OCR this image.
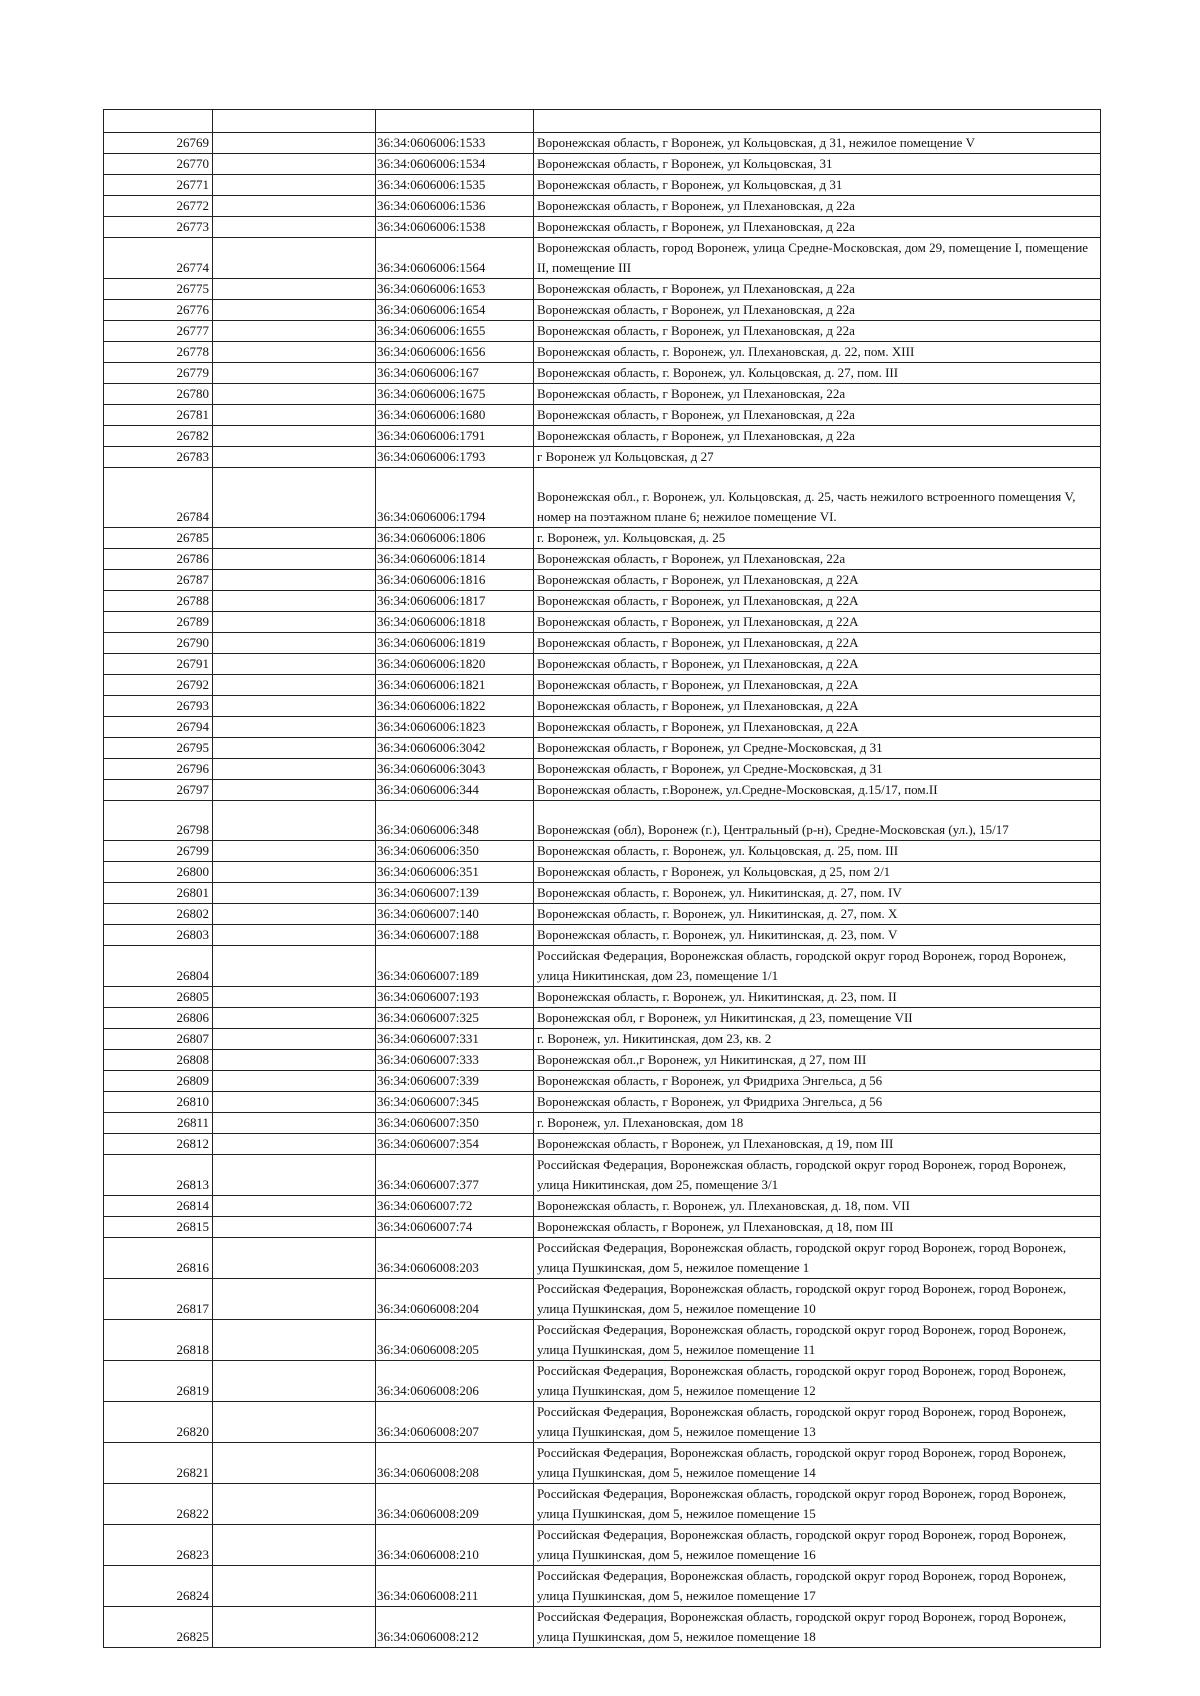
26769		36:34:0606006:1533	Воронежская область, г Воронеж, ул Кольцовская, д 31, нежилое помещение V
26770		36:34:0606006:1534	Воронежская область, г Воронеж, ул Кольцовская, 31
26771		36:34:0606006:1535	Воронежская область, г Воронеж, ул Кольцовская, д 31
26772		36:34:0606006:1536	Воронежская область, г Воронеж, ул Плехановская, д 22а
26773		36:34:0606006:1538	Воронежская область, г Воронеж, ул Плехановская, д 22а
26774		36:34:0606006:1564	Воронежская область, город Воронеж, улица Средне-Московская, дом 29, помещение I, помещение II, помещение III
26775		36:34:0606006:1653	Воронежская область, г Воронеж, ул Плехановская, д 22а
26776		36:34:0606006:1654	Воронежская область, г Воронеж, ул Плехановская, д 22а
26777		36:34:0606006:1655	Воронежская область, г Воронеж, ул Плехановская, д 22а
26778		36:34:0606006:1656	Воронежская область, г. Воронеж, ул. Плехановская, д. 22, пом. XIII
26779		36:34:0606006:167	Воронежская область, г. Воронеж, ул. Кольцовская, д. 27, пом. III
26780		36:34:0606006:1675	Воронежская область, г Воронеж, ул Плехановская, 22а
26781		36:34:0606006:1680	Воронежская область, г Воронеж, ул Плехановская, д 22а
26782		36:34:0606006:1791	Воронежская область, г Воронеж, ул Плехановская, д 22а
26783		36:34:0606006:1793	г Воронеж ул Кольцовская, д 27
26784		36:34:0606006:1794	Воронежская обл., г. Воронеж, ул. Кольцовская, д. 25, часть нежилого встроенного помещения V, номер на поэтажном плане 6; нежилое помещение VI.
26785		36:34:0606006:1806	г. Воронеж, ул. Кольцовская, д. 25
26786		36:34:0606006:1814	Воронежская область, г Воронеж, ул Плехановская, 22а
26787		36:34:0606006:1816	Воронежская область, г Воронеж, ул Плехановская, д 22А
26788		36:34:0606006:1817	Воронежская область, г Воронеж, ул Плехановская, д 22А
26789		36:34:0606006:1818	Воронежская область, г Воронеж, ул Плехановская, д 22А
26790		36:34:0606006:1819	Воронежская область, г Воронеж, ул Плехановская, д 22А
26791		36:34:0606006:1820	Воронежская область, г Воронеж, ул Плехановская, д 22А
26792		36:34:0606006:1821	Воронежская область, г Воронеж, ул Плехановская, д 22А
26793		36:34:0606006:1822	Воронежская область, г Воронеж, ул Плехановская, д 22А
26794		36:34:0606006:1823	Воронежская область, г Воронеж, ул Плехановская, д 22А
26795		36:34:0606006:3042	Воронежская область, г Воронеж, ул Средне-Московская, д 31
26796		36:34:0606006:3043	Воронежская область, г Воронеж, ул Средне-Московская, д 31
26797		36:34:0606006:344	Воронежская область, г.Воронеж, ул.Средне-Московская, д.15/17, пом.II
26798		36:34:0606006:348	Воронежская (обл), Воронеж (г.), Центральный (р-н), Средне-Московская (ул.), 15/17
26799		36:34:0606006:350	Воронежская область, г. Воронеж, ул. Кольцовская, д. 25, пом. III
26800		36:34:0606006:351	Воронежская область, г Воронеж, ул Кольцовская, д 25, пом 2/1
26801		36:34:0606007:139	Воронежская область, г. Воронеж, ул. Никитинская, д. 27, пом. IV
26802		36:34:0606007:140	Воронежская область, г. Воронеж, ул. Никитинская, д. 27, пом. X
26803		36:34:0606007:188	Воронежская область, г. Воронеж, ул. Никитинская, д. 23, пом. V
26804		36:34:0606007:189	Российская Федерация, Воронежская область, городской округ город Воронеж, город Воронеж, улица Никитинская, дом 23, помещение 1/1
26805		36:34:0606007:193	Воронежская область, г. Воронеж, ул. Никитинская, д. 23, пом. II
26806		36:34:0606007:325	Воронежская обл, г Воронеж, ул Никитинская, д 23, помещение VII
26807		36:34:0606007:331	г. Воронеж, ул. Никитинская, дом 23, кв. 2
26808		36:34:0606007:333	Воронежская обл.,г Воронеж, ул Никитинская, д 27, пом III
26809		36:34:0606007:339	Воронежская область, г Воронеж, ул Фридриха Энгельса, д 56
26810		36:34:0606007:345	Воронежская область, г Воронеж, ул Фридриха Энгельса, д 56
26811		36:34:0606007:350	г. Воронеж, ул. Плехановская, дом 18
26812		36:34:0606007:354	Воронежская область, г Воронеж, ул Плехановская, д 19, пом III
26813		36:34:0606007:377	Российская Федерация, Воронежская область, городской округ город Воронеж, город Воронеж, улица Никитинская, дом 25, помещение 3/1
26814		36:34:0606007:72	Воронежская область, г. Воронеж, ул. Плехановская, д. 18, пом. VII
26815		36:34:0606007:74	Воронежская область, г Воронеж, ул Плехановская, д 18, пом III
26816		36:34:0606008:203	Российская Федерация, Воронежская область, городской округ город Воронеж, город Воронеж, улица Пушкинская, дом 5, нежилое помещение 1
26817		36:34:0606008:204	Российская Федерация, Воронежская область, городской округ город Воронеж, город Воронеж, улица Пушкинская, дом 5, нежилое помещение 10
26818		36:34:0606008:205	Российская Федерация, Воронежская область, городской округ город Воронеж, город Воронеж, улица Пушкинская, дом 5, нежилое помещение 11
26819		36:34:0606008:206	Российская Федерация, Воронежская область, городской округ город Воронеж, город Воронеж, улица Пушкинская, дом 5, нежилое помещение 12
26820		36:34:0606008:207	Российская Федерация, Воронежская область, городской округ город Воронеж, город Воронеж, улица Пушкинская, дом 5, нежилое помещение 13
26821		36:34:0606008:208	Российская Федерация, Воронежская область, городской округ город Воронеж, город Воронеж, улица Пушкинская, дом 5, нежилое помещение 14
26822		36:34:0606008:209	Российская Федерация, Воронежская область, городской округ город Воронеж, город Воронеж, улица Пушкинская, дом 5, нежилое помещение 15
26823		36:34:0606008:210	Российская Федерация, Воронежская область, городской округ город Воронеж, город Воронеж, улица Пушкинская, дом 5, нежилое помещение 16
26824		36:34:0606008:211	Российская Федерация, Воронежская область, городской округ город Воронеж, город Воронеж, улица Пушкинская, дом 5, нежилое помещение 17
26825		36:34:0606008:212	Российская Федерация, Воронежская область, городской округ город Воронеж, город Воронеж, улица Пушкинская, дом 5, нежилое помещение 18
